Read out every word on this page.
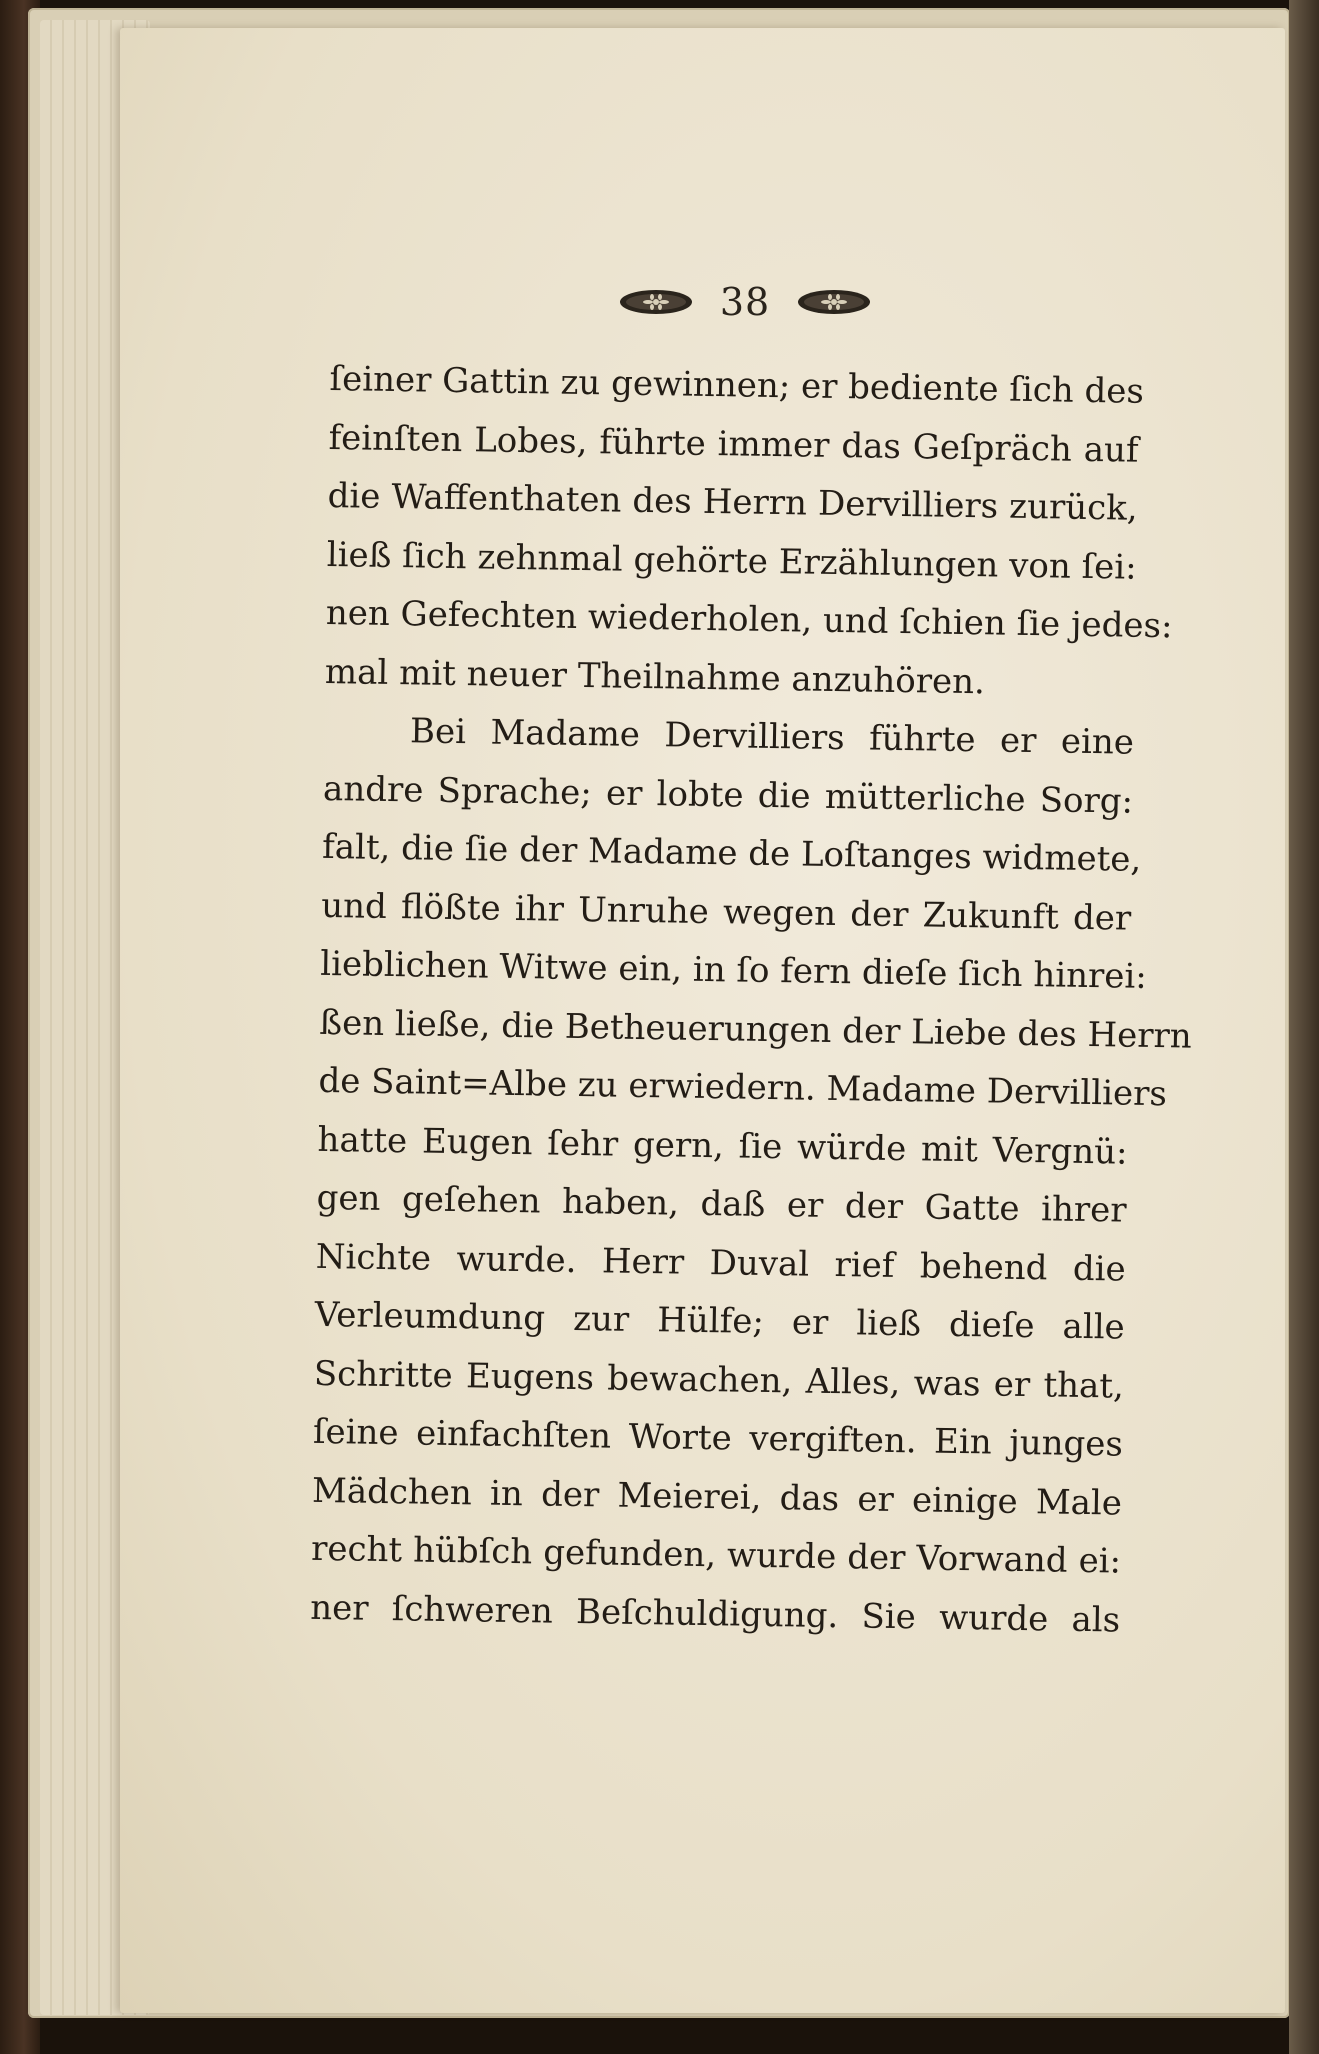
38
ſeiner Gattin zu gewinnen; er bediente ſich des
feinſten Lobes, führte immer das Geſpräch auf
die Waffenthaten des Herrn Dervilliers zurück,
ließ ſich zehnmal gehörte Erzählungen von ſei:
nen Gefechten wiederholen, und ſchien ſie jedes:
mal mit neuer Theilnahme anzuhören.
Bei Madame Dervilliers führte er eine
andre Sprache; er lobte die mütterliche Sorg:
falt, die ſie der Madame de Loſtanges widmete,
und flößte ihr Unruhe wegen der Zukunft der
lieblichen Witwe ein, in ſo fern dieſe ſich hinrei:
ßen ließe, die Betheuerungen der Liebe des Herrn
de Saint=Albe zu erwiedern. Madame Dervilliers
hatte Eugen ſehr gern, ſie würde mit Vergnü:
gen geſehen haben, daß er der Gatte ihrer
Nichte wurde. Herr Duval rief behend die
Verleumdung zur Hülfe; er ließ dieſe alle
Schritte Eugens bewachen, Alles, was er that,
ſeine einfachſten Worte vergiften. Ein junges
Mädchen in der Meierei, das er einige Male
recht hübſch gefunden, wurde der Vorwand ei:
ner ſchweren Beſchuldigung. Sie wurde als
